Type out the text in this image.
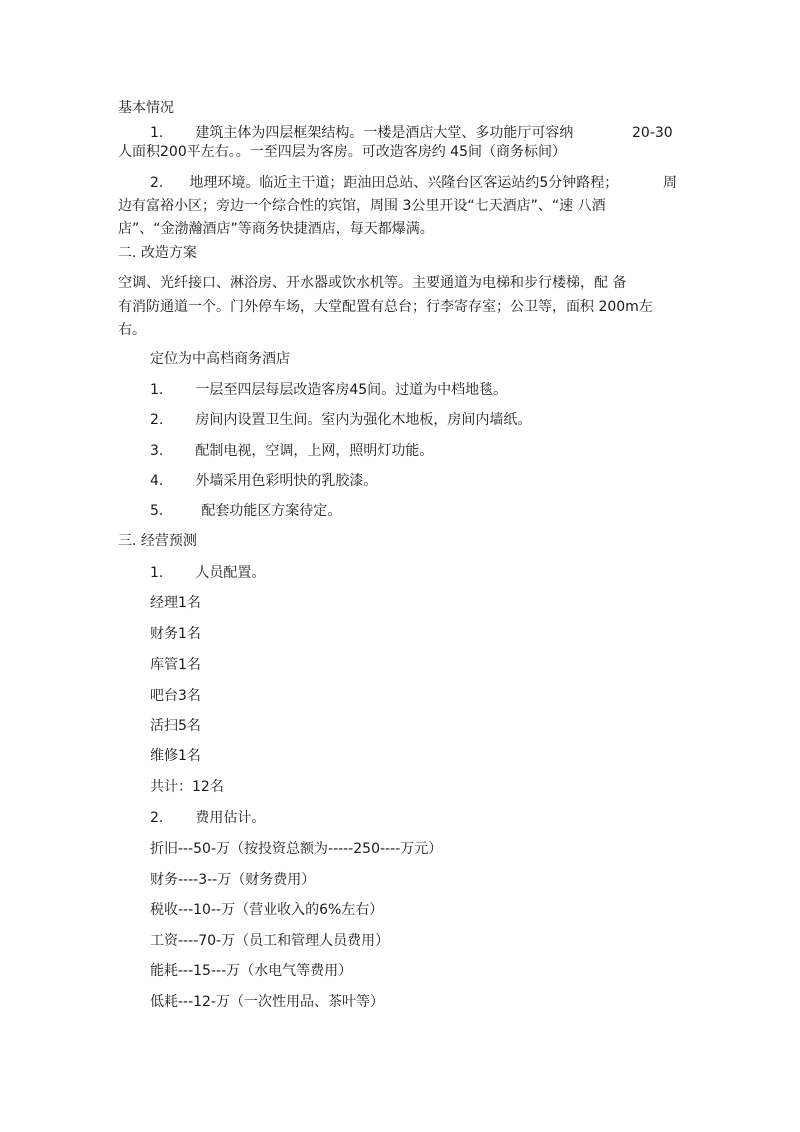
基本情况
1. 建筑主体为四层框架结构。一楼是酒店大堂、多功能厅可容纳	20-30
人面积200平左右。。一至四层为客房。可改造客房约 45间（商务标间）
2. 地理环境。临近主干道；距油田总站、兴隆台区客运站约5分钟路程；	周
边有富裕小区；旁边一个综合性的宾馆，周围 3公里开设“七天酒店”、“速 八酒
店”、“金渤瀚酒店”等商务快捷酒店，每天都爆满。
二. 改造方案
空调、光纤接口、淋浴房、开水器或饮水机等。主要通道为电梯和步行楼梯，配 备
有消防通道一个。门外停车场，大堂配置有总台；行李寄存室；公卫等，面积 200m左
右。
定位为中高档商务酒店
1. 一层至四层每层改造客房45间。过道为中档地毯。
2. 房间内设置卫生间。室内为强化木地板，房间内墙纸。
3. 配制电视，空调，上网，照明灯功能。
4. 外墙采用色彩明快的乳胶漆。
5.	配套功能区方案待定。
三. 经营预测
1. 人员配置。
经理1名
财务1名
库管1名
吧台3名
活扫5名
维修1名
共计：12名
2. 费用估计。
折旧---50-万（按投资总额为-----250----万元）
财务----3--万（财务费用）
税收---10--万（营业收入的6%左右）
工资----70-万（员工和管理人员费用）
能耗---15---万（水电气等费用）
低耗---12-万（一次性用品、茶叶等）
